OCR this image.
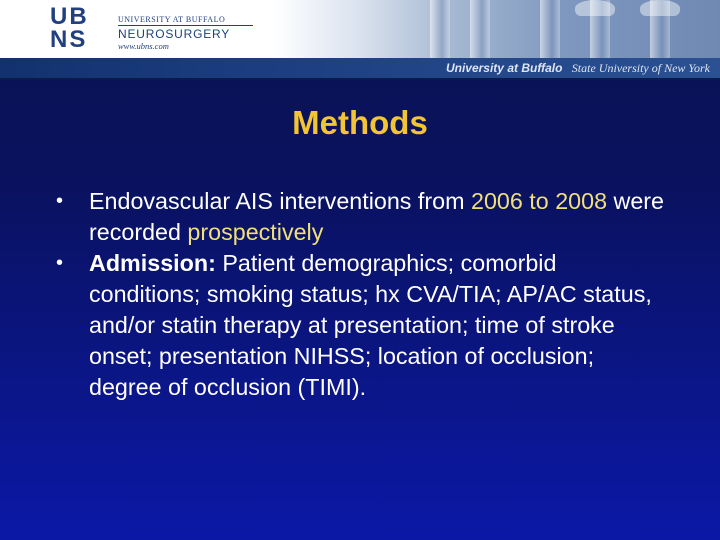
UB
NS
UNIVERSITY AT BUFFALO
NEUROSURGERY
www.ubns.com
University at Buffalo State University of New York
Methods
• Endovascular AIS interventions from 2006 to 2008 were recorded prospectively
• Admission: Patient demographics; comorbid conditions; smoking status; hx CVA/TIA; AP/AC status, and/or statin therapy at presentation; time of stroke onset; presentation NIHSS; location of occlusion; degree of occlusion (TIMI).
